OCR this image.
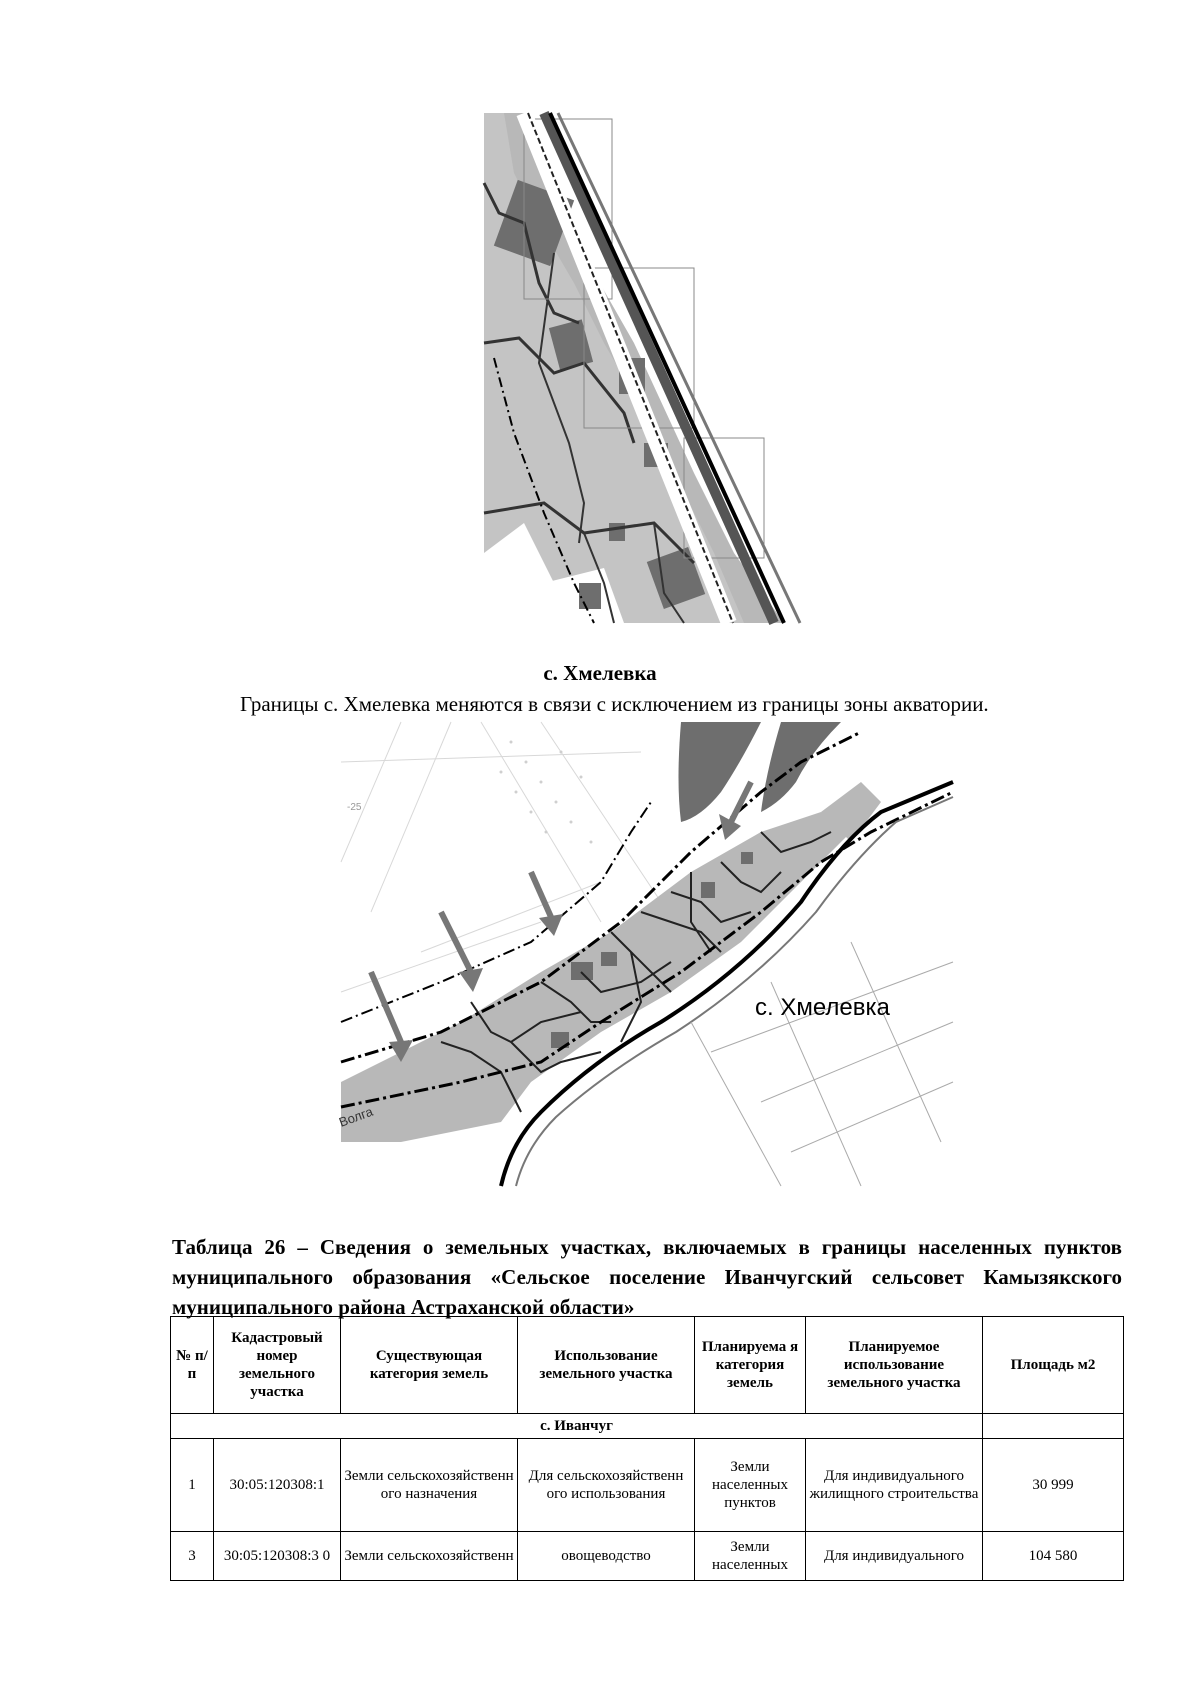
с. Хмелевка

Границы с. Хмелевка меняются в связи с исключением из границы зоны акватории.

-25
Волга
с. Хмелевка

Таблица 26 – Сведения о земельных участках, включаемых в границы населенных пунктов муниципального образования «Сельское поселение Иванчугский сельсовет Камызякского муниципального района Астраханской области»

№ п/п	Кадастровый номер земельного участка	Существующая категория земель	Использование земельного участка	Планируема я категория земель	Планируемое использование земельного участка	Площадь м2
с. Иванчуг						
1	30:05:120308:1	Земли сельскохозяйственн ого назначения	Для сельскохозяйственн ого использования	Земли населенных пунктов	Для индивидуального жилищного строительства	30 999
3	30:05:120308:3 0	Земли сельскохозяйственн	овощеводство	Земли населенных	Для индивидуального	104 580
